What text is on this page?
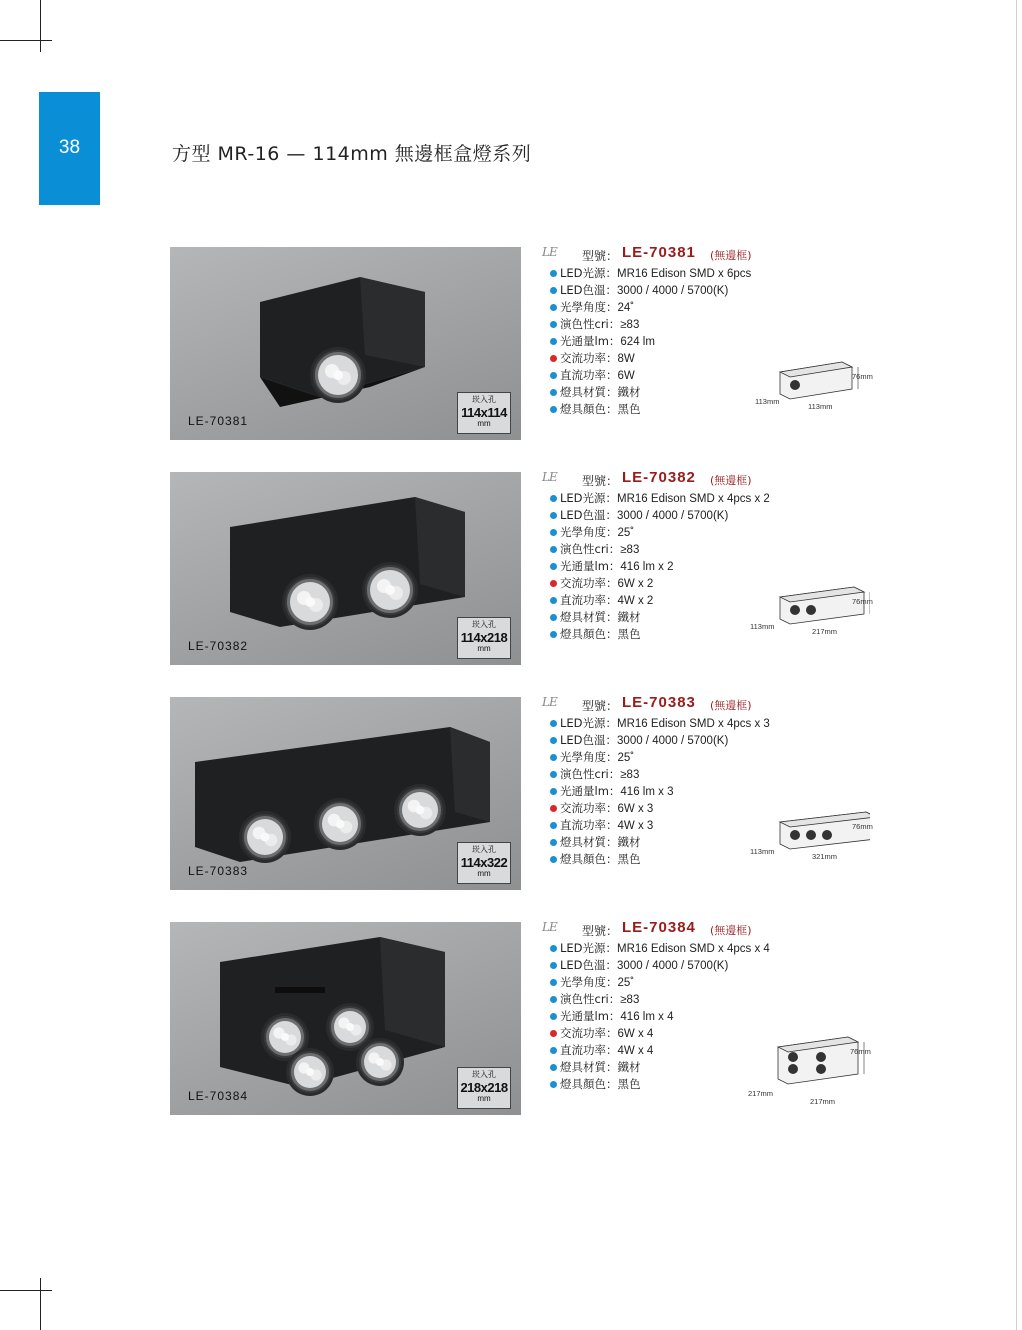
38	方型 MR-16 — 114mm 無邊框盒燈系列
LE-70381
崁入孔
114x114
mm
LE 型號： LE-70381 (無邊框)
LED光源：MR16 Edison SMD x 6pcs
LED色溫：3000 / 4000 / 5700(K)
光學角度：24˚
演色性cri：≥83
光通量lm：624 lm
交流功率：8W
直流功率：6W
燈具材質：鐵材
燈具顏色：黑色
76mm
113mm
113mm
LE-70382
崁入孔
114x218
mm
LE 型號： LE-70382 (無邊框)
LED光源：MR16 Edison SMD x 4pcs x 2
LED色溫：3000 / 4000 / 5700(K)
光學角度：25˚
演色性cri：≥83
光通量lm：416 lm x 2
交流功率：6W x 2
直流功率：4W x 2
燈具材質：鐵材
燈具顏色：黑色
76mm
113mm
217mm
LE-70383
崁入孔
114x322
mm
LE 型號： LE-70383 (無邊框)
LED光源：MR16 Edison SMD x 4pcs x 3
LED色溫：3000 / 4000 / 5700(K)
光學角度：25˚
演色性cri：≥83
光通量lm：416 lm x 3
交流功率：6W x 3
直流功率：4W x 3
燈具材質：鐵材
燈具顏色：黑色
76mm
113mm
321mm
LE-70384
崁入孔
218x218
mm
LE 型號： LE-70384 (無邊框)
LED光源：MR16 Edison SMD x 4pcs x 4
LED色溫：3000 / 4000 / 5700(K)
光學角度：25˚
演色性cri：≥83
光通量lm：416 lm x 4
交流功率：6W x 4
直流功率：4W x 4
燈具材質：鐵材
燈具顏色：黑色
76mm
217mm
217mm
